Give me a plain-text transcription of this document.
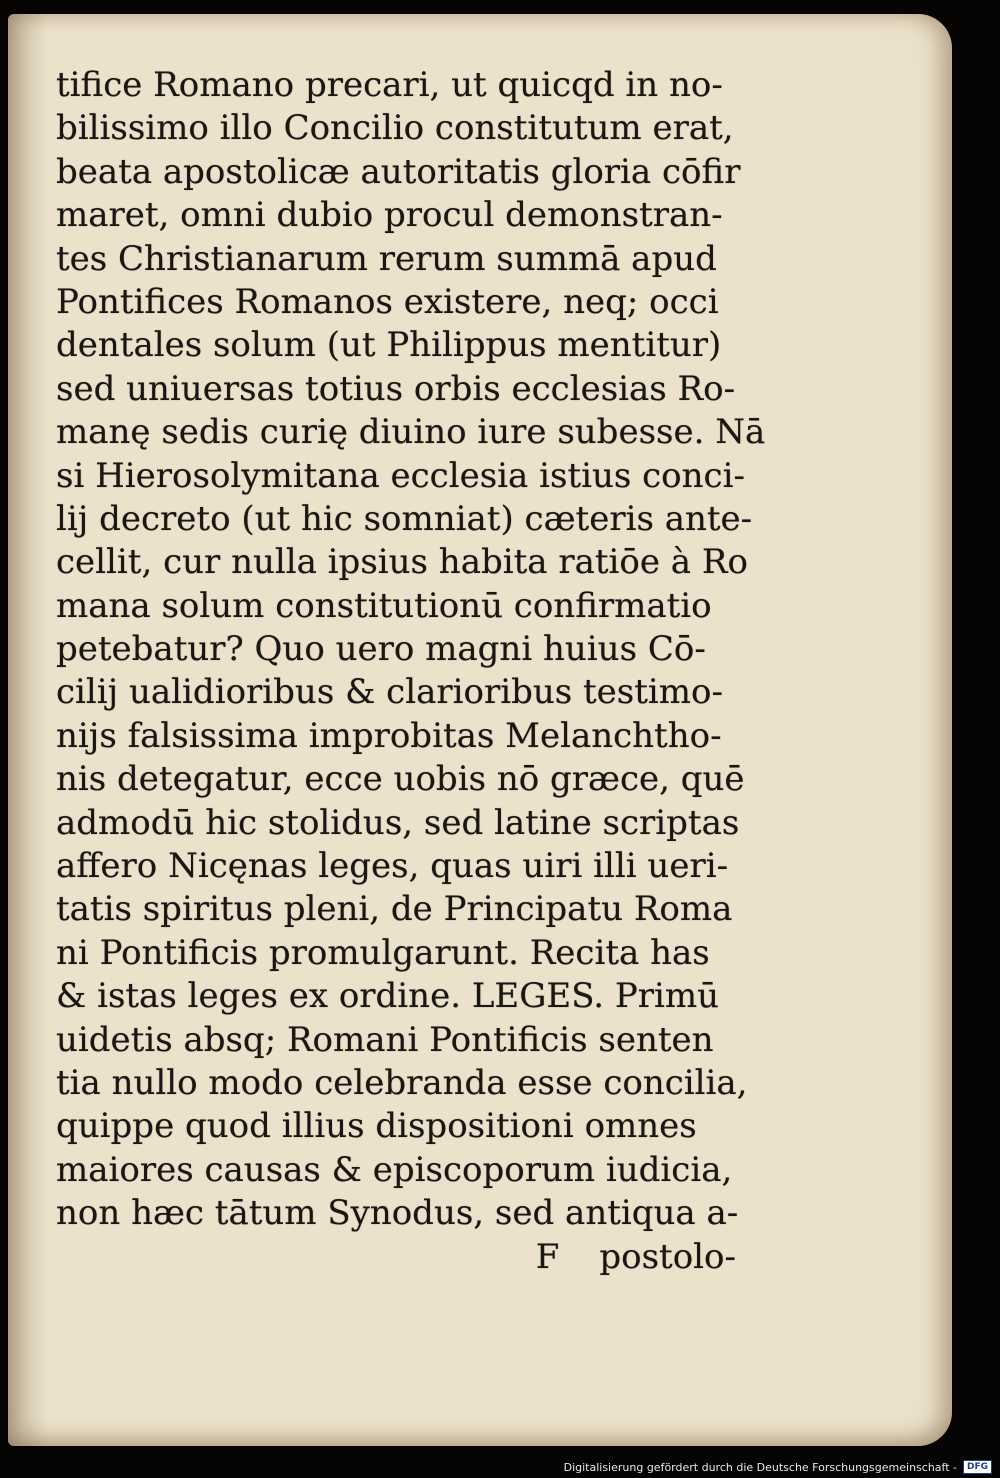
tifice Romano precari, ut quicqd in no-
bilissimo illo Concilio constitutum erat,
beata apostolicæ autoritatis gloria cōfir
maret, omni dubio procul demonstran-
tes Christianarum rerum summā apud
Pontifices Romanos existere, neq; occi
dentales solum (ut Philippus mentitur)
sed uniuersas totius orbis ecclesias Ro-
manę sedis curię diuino iure subesse. Nā
si Hierosolymitana ecclesia istius conci-
lij decreto (ut hic somniat) cæteris ante-
cellit, cur nulla ipsius habita ratiōe à Ro
mana solum constitutionū confirmatio
petebatur? Quo uero magni huius Cō-
cilij ualidioribus & clarioribus testimo-
nijs falsissima improbitas Melanchtho-
nis detegatur, ecce uobis nō græce, quē
admodū hic stolidus, sed latine scriptas
affero Nicęnas leges, quas uiri illi ueri-
tatis spiritus pleni, de Principatu Roma
ni Pontificis promulgarunt. Recita has
& istas leges ex ordine. LEGES. Primū
uidetis absq; Romani Pontificis senten
tia nullo modo celebranda esse concilia,
quippe quod illius dispositioni omnes
maiores causas & episcoporum iudicia,
non hæc tātum Synodus, sed antiqua a-
F postolo-
Digitalisierung gefördert durch die Deutsche Forschungsgemeinschaft -	DFG
